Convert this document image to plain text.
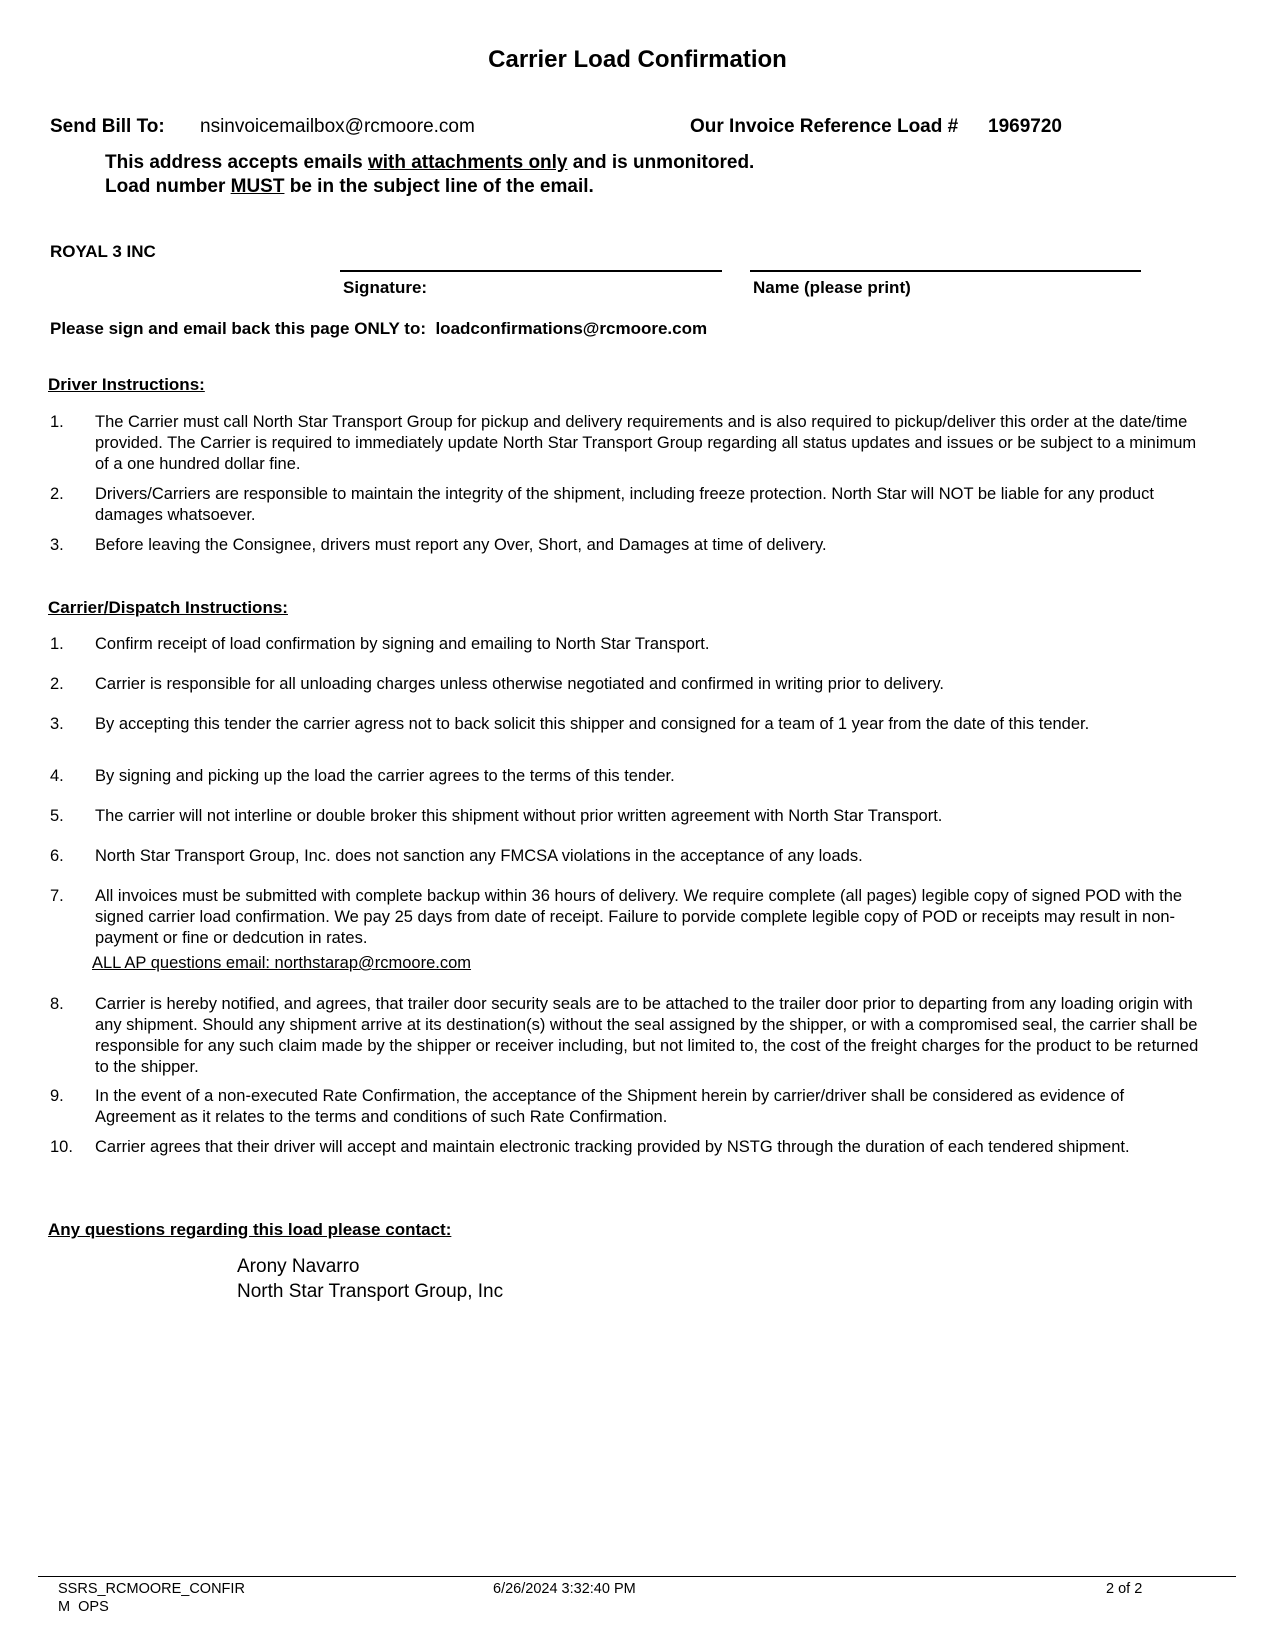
Carrier Load Confirmation
Send Bill To: nsinvoicemailbox@rcmoore.com	Our Invoice Reference Load # 1969720
This address accepts emails with attachments only and is unmonitored.
Load number MUST be in the subject line of the email.
ROYAL 3 INC
Signature:	Name (please print)
Please sign and email back this page ONLY to:  loadconfirmations@rcmoore.com
Driver Instructions:
1.	The Carrier must call North Star Transport Group for pickup and delivery requirements and is also required to pickup/deliver this order at the date/time provided. The Carrier is required to immediately update North Star Transport Group regarding all status updates and issues or be subject to a minimum of a one hundred dollar fine.
2.	Drivers/Carriers are responsible to maintain the integrity of the shipment, including freeze protection. North Star will NOT be liable for any product damages whatsoever.
3.	Before leaving the Consignee, drivers must report any Over, Short, and Damages at time of delivery.
Carrier/Dispatch Instructions:
1.	Confirm receipt of load confirmation by signing and emailing to North Star Transport.
2.	Carrier is responsible for all unloading charges unless otherwise negotiated and confirmed in writing prior to delivery.
3.	By accepting this tender the carrier agress not to back solicit this shipper and consigned for a team of 1 year from the date of this tender.
4.	By signing and picking up the load the carrier agrees to the terms of this tender.
5.	The carrier will not interline or double broker this shipment without prior written agreement with North Star Transport.
6.	North Star Transport Group, Inc. does not sanction any FMCSA violations in the acceptance of any loads.
7.	All invoices must be submitted with complete backup within 36 hours of delivery. We require complete (all pages) legible copy of signed POD with the signed carrier load confirmation. We pay 25 days from date of receipt. Failure to porvide complete legible copy of POD or receipts may result in non-payment or fine or dedcution in rates.
ALL AP questions email: northstarap@rcmoore.com
8.	Carrier is hereby notified, and agrees, that trailer door security seals are to be attached to the trailer door prior to departing from any loading origin with any shipment. Should any shipment arrive at its destination(s) without the seal assigned by the shipper, or with a compromised seal, the carrier shall be responsible for any such claim made by the shipper or receiver including, but not limited to, the cost of the freight charges for the product to be returned to the shipper.
9.	In the event of a non-executed Rate Confirmation, the acceptance of the Shipment herein by carrier/driver shall be considered as evidence of Agreement as it relates to the terms and conditions of such Rate Confirmation.
10.	Carrier agrees that their driver will accept and maintain electronic tracking provided by NSTG through the duration of each tendered shipment.
Any questions regarding this load please contact:
Arony Navarro
North Star Transport Group, Inc
SSRS_RCMOORE_CONFIR
M  OPS
6/26/2024 3:32:40 PM	2 of 2
